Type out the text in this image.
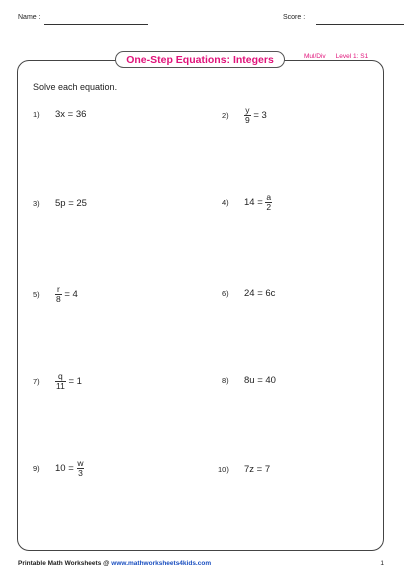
Name :	Score :
One-Step Equations: Integers	Mul/Div Level 1: S1
Solve each equation.
1)	3x = 36	2)	$\frac{y}{9} = 3$
3)	5p = 25	4)	$14 = \frac{a}{2}$
5)	$\frac{r}{8} = 4$	6)	24 = 6c
7)	$\frac{q}{11} = 1$	8)	8u = 40
9)	$10 = \frac{w}{3}$	10)	7z = 7
Printable Math Worksheets @ www.mathworksheets4kids.com	1
